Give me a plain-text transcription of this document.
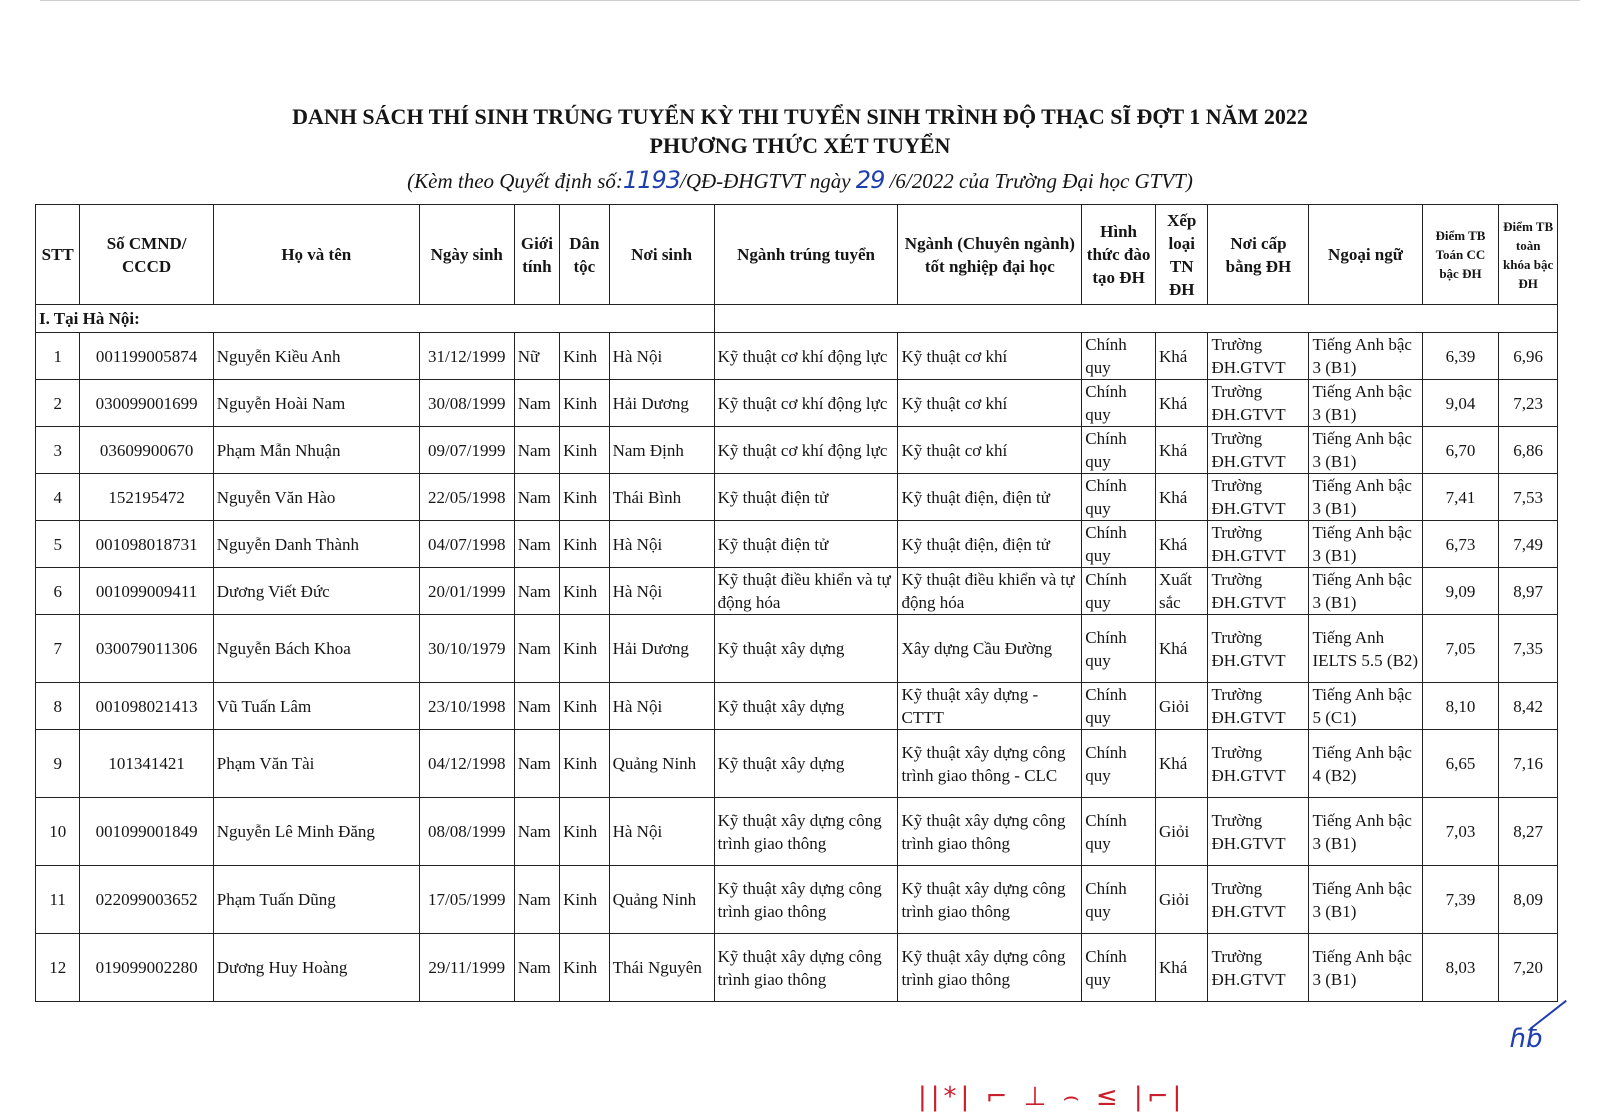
DANH SÁCH THÍ SINH TRÚNG TUYỂN KỲ THI TUYỂN SINH TRÌNH ĐỘ THẠC SĨ ĐỢT 1 NĂM 2022
PHƯƠNG THỨC XÉT TUYỂN
(Kèm theo Quyết định số:1193/QĐ-ĐHGTVT ngày 29 /6/2022 của Trường Đại học GTVT)
STT	Số CMND/ CCCD	Họ và tên	Ngày sinh	Giới tính	Dân tộc	Nơi sinh	Ngành trúng tuyển	Ngành (Chuyên ngành) tốt nghiệp đại học	Hình thức đào tạo ĐH	Xếp loại TN ĐH	Nơi cấp bằng ĐH	Ngoại ngữ	Điểm TB Toán CC bậc ĐH	Điểm TB toàn khóa bậc ĐH
I. Tại Hà Nội:														
1	001199005874	Nguyễn Kiều Anh	31/12/1999	Nữ	Kinh	Hà Nội	Kỹ thuật cơ khí động lực	Kỹ thuật cơ khí	Chính quy	Khá	Trường ĐH.GTVT	Tiếng Anh bậc 3 (B1)	6,39	6,96
2	030099001699	Nguyễn Hoài Nam	30/08/1999	Nam	Kinh	Hải Dương	Kỹ thuật cơ khí động lực	Kỹ thuật cơ khí	Chính quy	Khá	Trường ĐH.GTVT	Tiếng Anh bậc 3 (B1)	9,04	7,23
3	03609900670	Phạm Mẫn Nhuận	09/07/1999	Nam	Kinh	Nam Định	Kỹ thuật cơ khí động lực	Kỹ thuật cơ khí	Chính quy	Khá	Trường ĐH.GTVT	Tiếng Anh bậc 3 (B1)	6,70	6,86
4	152195472	Nguyễn Văn Hào	22/05/1998	Nam	Kinh	Thái Bình	Kỹ thuật điện tử	Kỹ thuật điện, điện tử	Chính quy	Khá	Trường ĐH.GTVT	Tiếng Anh bậc 3 (B1)	7,41	7,53
5	001098018731	Nguyễn Danh Thành	04/07/1998	Nam	Kinh	Hà Nội	Kỹ thuật điện tử	Kỹ thuật điện, điện tử	Chính quy	Khá	Trường ĐH.GTVT	Tiếng Anh bậc 3 (B1)	6,73	7,49
6	001099009411	Dương Viết Đức	20/01/1999	Nam	Kinh	Hà Nội	Kỹ thuật điều khiển và tự động hóa	Kỹ thuật điều khiển và tự động hóa	Chính quy	Xuất sắc	Trường ĐH.GTVT	Tiếng Anh bậc 3 (B1)	9,09	8,97
7	030079011306	Nguyễn Bách Khoa	30/10/1979	Nam	Kinh	Hải Dương	Kỹ thuật xây dựng	Xây dựng Cầu Đường	Chính quy	Khá	Trường ĐH.GTVT	Tiếng Anh IELTS 5.5 (B2)	7,05	7,35
8	001098021413	Vũ Tuấn Lâm	23/10/1998	Nam	Kinh	Hà Nội	Kỹ thuật xây dựng	Kỹ thuật xây dựng - CTTT	Chính quy	Giỏi	Trường ĐH.GTVT	Tiếng Anh bậc 5 (C1)	8,10	8,42
9	101341421	Phạm Văn Tài	04/12/1998	Nam	Kinh	Quảng Ninh	Kỹ thuật xây dựng	Kỹ thuật xây dựng công trình giao thông - CLC	Chính quy	Khá	Trường ĐH.GTVT	Tiếng Anh bậc 4 (B2)	6,65	7,16
10	001099001849	Nguyễn Lê Minh Đăng	08/08/1999	Nam	Kinh	Hà Nội	Kỹ thuật xây dựng công trình giao thông	Kỹ thuật xây dựng công trình giao thông	Chính quy	Giỏi	Trường ĐH.GTVT	Tiếng Anh bậc 3 (B1)	7,03	8,27
11	022099003652	Phạm Tuấn Dũng	17/05/1999	Nam	Kinh	Quảng Ninh	Kỹ thuật xây dựng công trình giao thông	Kỹ thuật xây dựng công trình giao thông	Chính quy	Giỏi	Trường ĐH.GTVT	Tiếng Anh bậc 3 (B1)	7,39	8,09
12	019099002280	Dương Huy Hoàng	29/11/1999	Nam	Kinh	Thái Nguyên	Kỹ thuật xây dựng công trình giao thông	Kỹ thuật xây dựng công trình giao thông	Chính quy	Khá	Trường ĐH.GTVT	Tiếng Anh bậc 3 (B1)	8,03	7,20
ɦƀ
||*| ⌐ ⊥ ⌢ ≤ |⌐|
